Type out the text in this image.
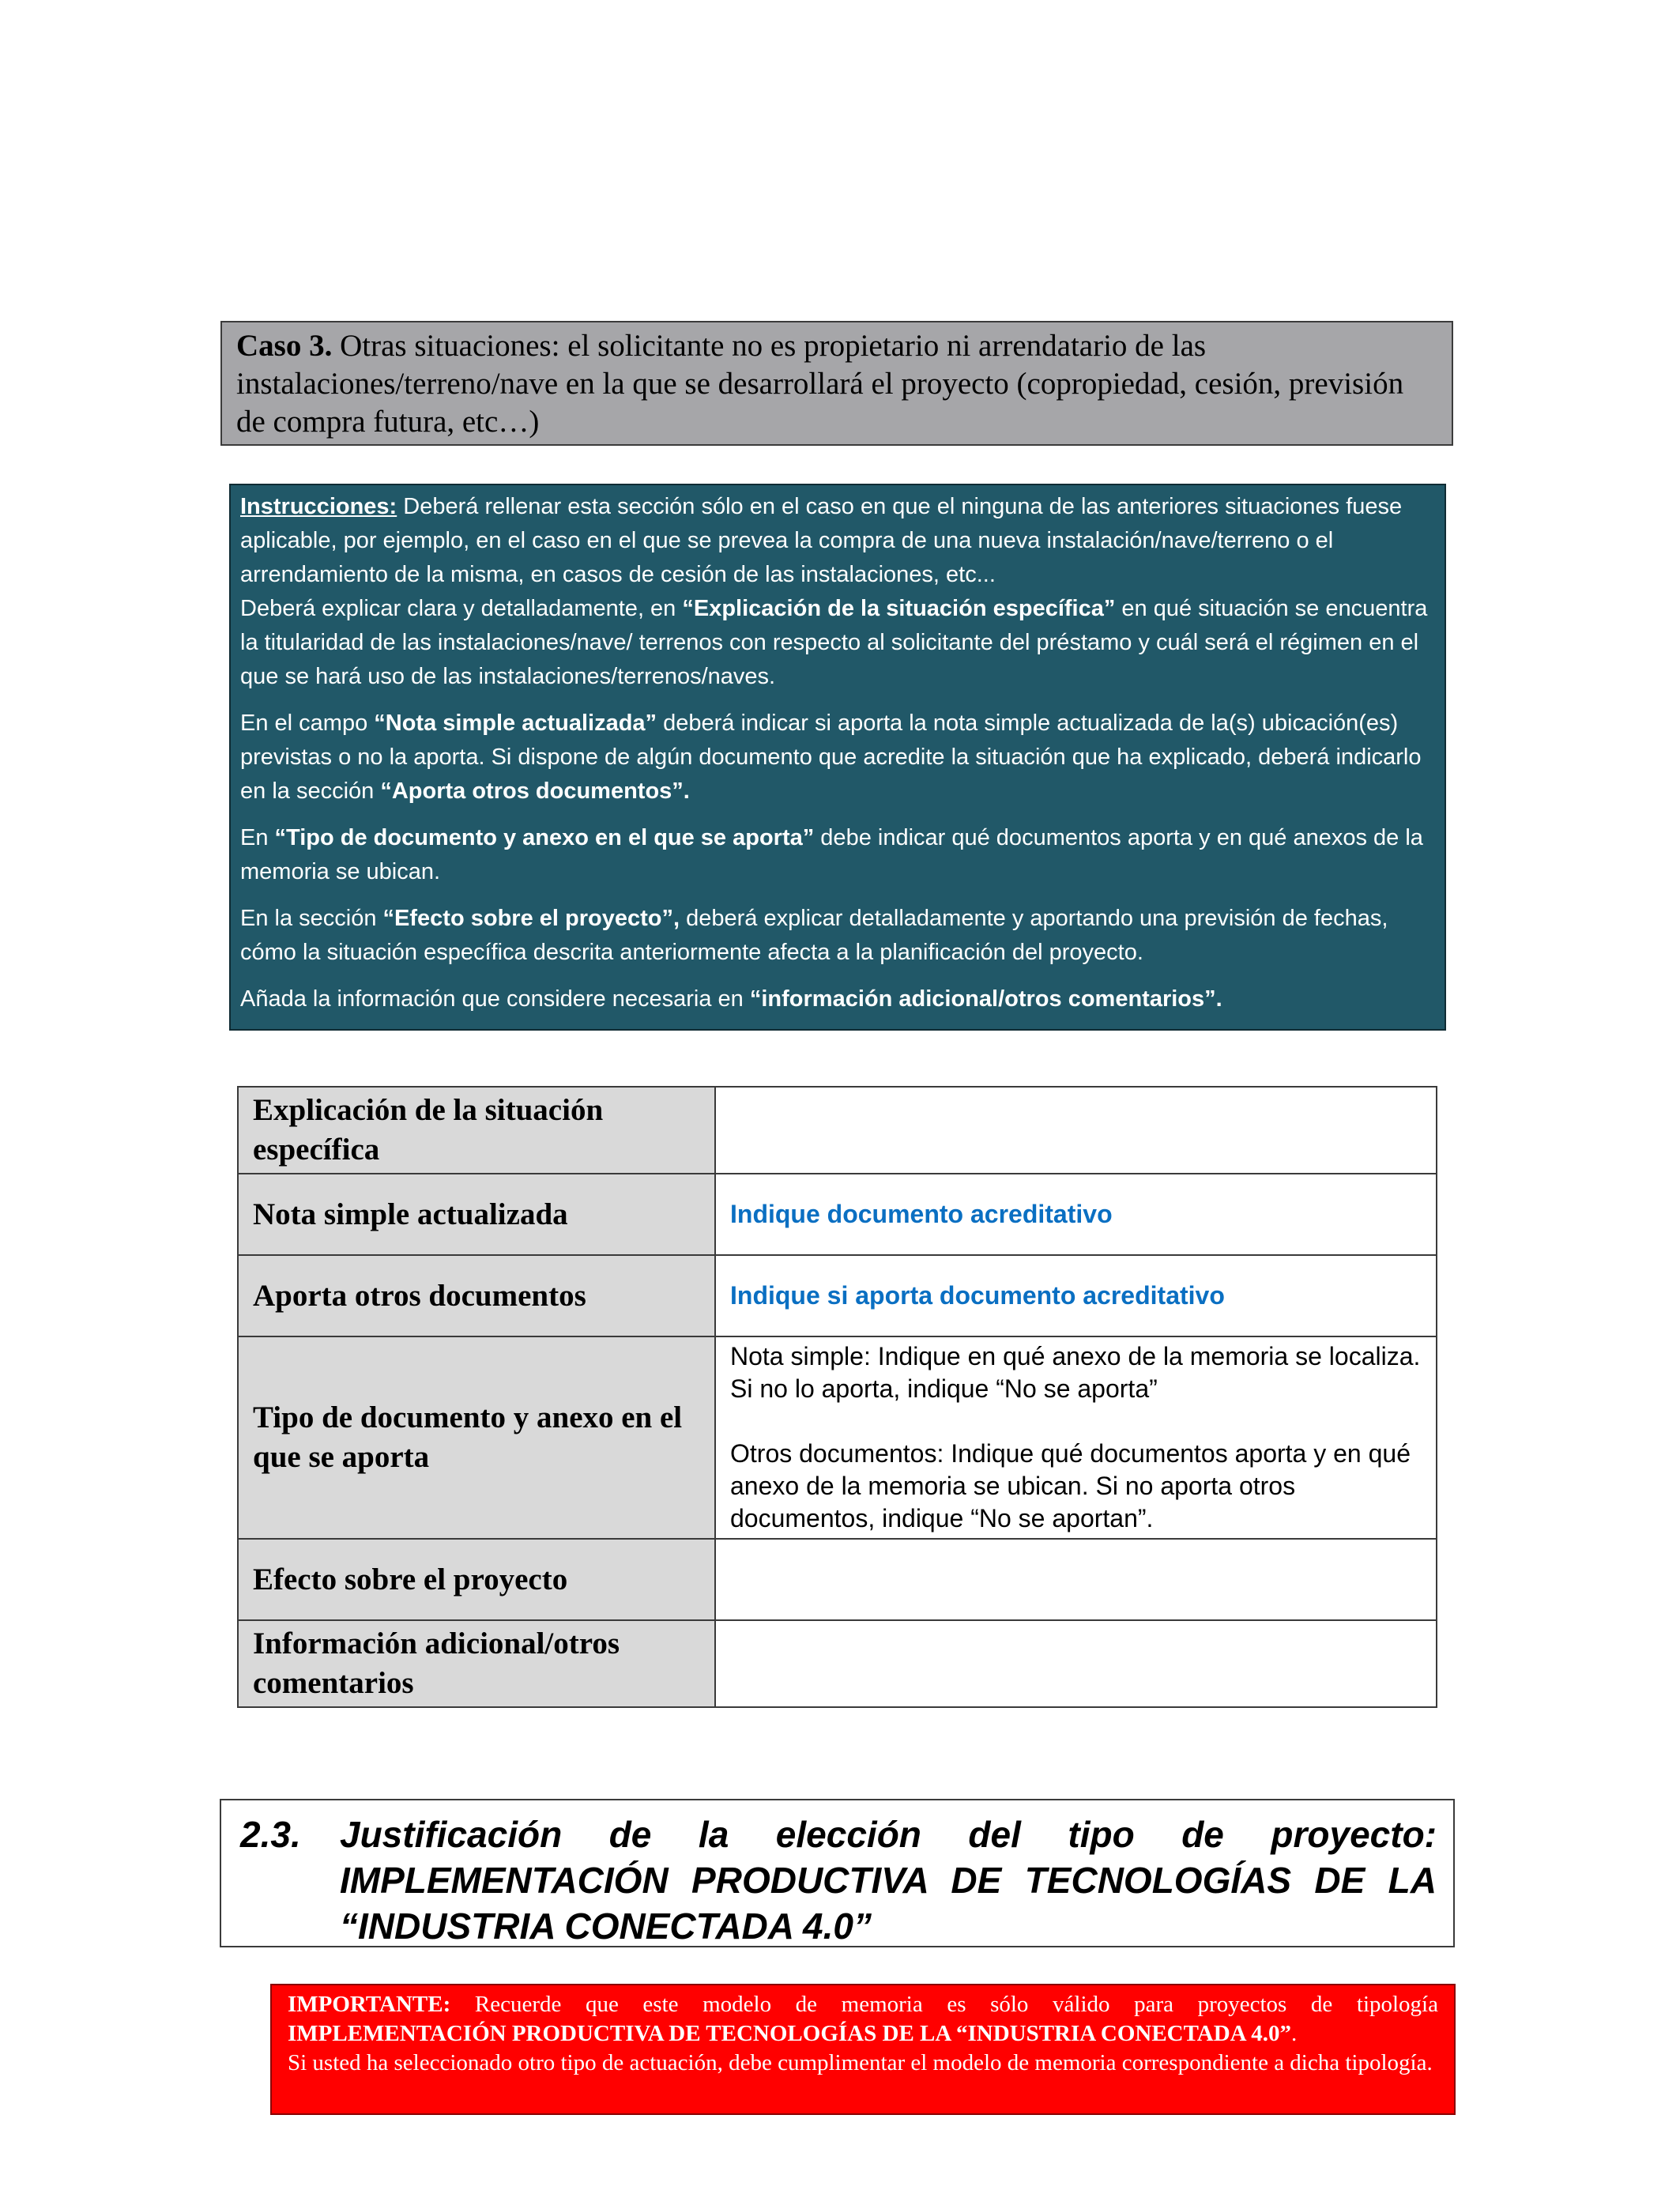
Caso 3. Otras situaciones: el solicitante no es propietario ni arrendatario de las instalaciones/terreno/nave en la que se desarrollará el proyecto (copropiedad, cesión, previsión de compra futura, etc…)

Instrucciones: Deberá rellenar esta sección sólo en el caso en que el ninguna de las anteriores situaciones fuese aplicable, por ejemplo, en el caso en el que se prevea la compra de una nueva instalación/nave/terreno o el arrendamiento de la misma, en casos de cesión de las instalaciones, etc...

Deberá explicar clara y detalladamente, en “Explicación de la situación específica” en qué situación se encuentra la titularidad de las instalaciones/nave/ terrenos con respecto al solicitante del préstamo y cuál será el régimen en el que se hará uso de las instalaciones/terrenos/naves.

En el campo “Nota simple actualizada” deberá indicar si aporta la nota simple actualizada de la(s) ubicación(es) previstas o no la aporta. Si dispone de algún documento que acredite la situación que ha explicado, deberá indicarlo en la sección “Aporta otros documentos”.

En “Tipo de documento y anexo en el que se aporta” debe indicar qué documentos aporta y en qué anexos de la memoria se ubican.

En la sección “Efecto sobre el proyecto”, deberá explicar detalladamente y aportando una previsión de fechas, cómo la situación específica descrita anteriormente afecta a la planificación del proyecto.

Añada la información que considere necesaria en “información adicional/otros comentarios”.

Explicación de la situación específica	
Nota simple actualizada	Indique documento acreditativo
Aporta otros documentos	Indique si aporta documento acreditativo
Tipo de documento y anexo en el que se aporta	Nota simple: Indique en qué anexo de la memoria se localiza. Si no lo aporta, indique “No se aporta”
Otros documentos: Indique qué documentos aporta y en qué anexo de la memoria se ubican. Si no aporta otros documentos, indique “No se aportan”.

Efecto sobre el proyecto	
Información adicional/otros comentarios	
2.3. Justificación de la elección del tipo de proyecto: IMPLEMENTACIÓN PRODUCTIVA DE TECNOLOGÍAS DE LA “INDUSTRIA CONECTADA 4.0”

IMPORTANTE: Recuerde que este modelo de memoria es sólo válido para proyectos de tipología

IMPLEMENTACIÓN PRODUCTIVA DE TECNOLOGÍAS DE LA “INDUSTRIA CONECTADA 4.0”.

Si usted ha seleccionado otro tipo de actuación, debe cumplimentar el modelo de memoria correspondiente a dicha tipología.
